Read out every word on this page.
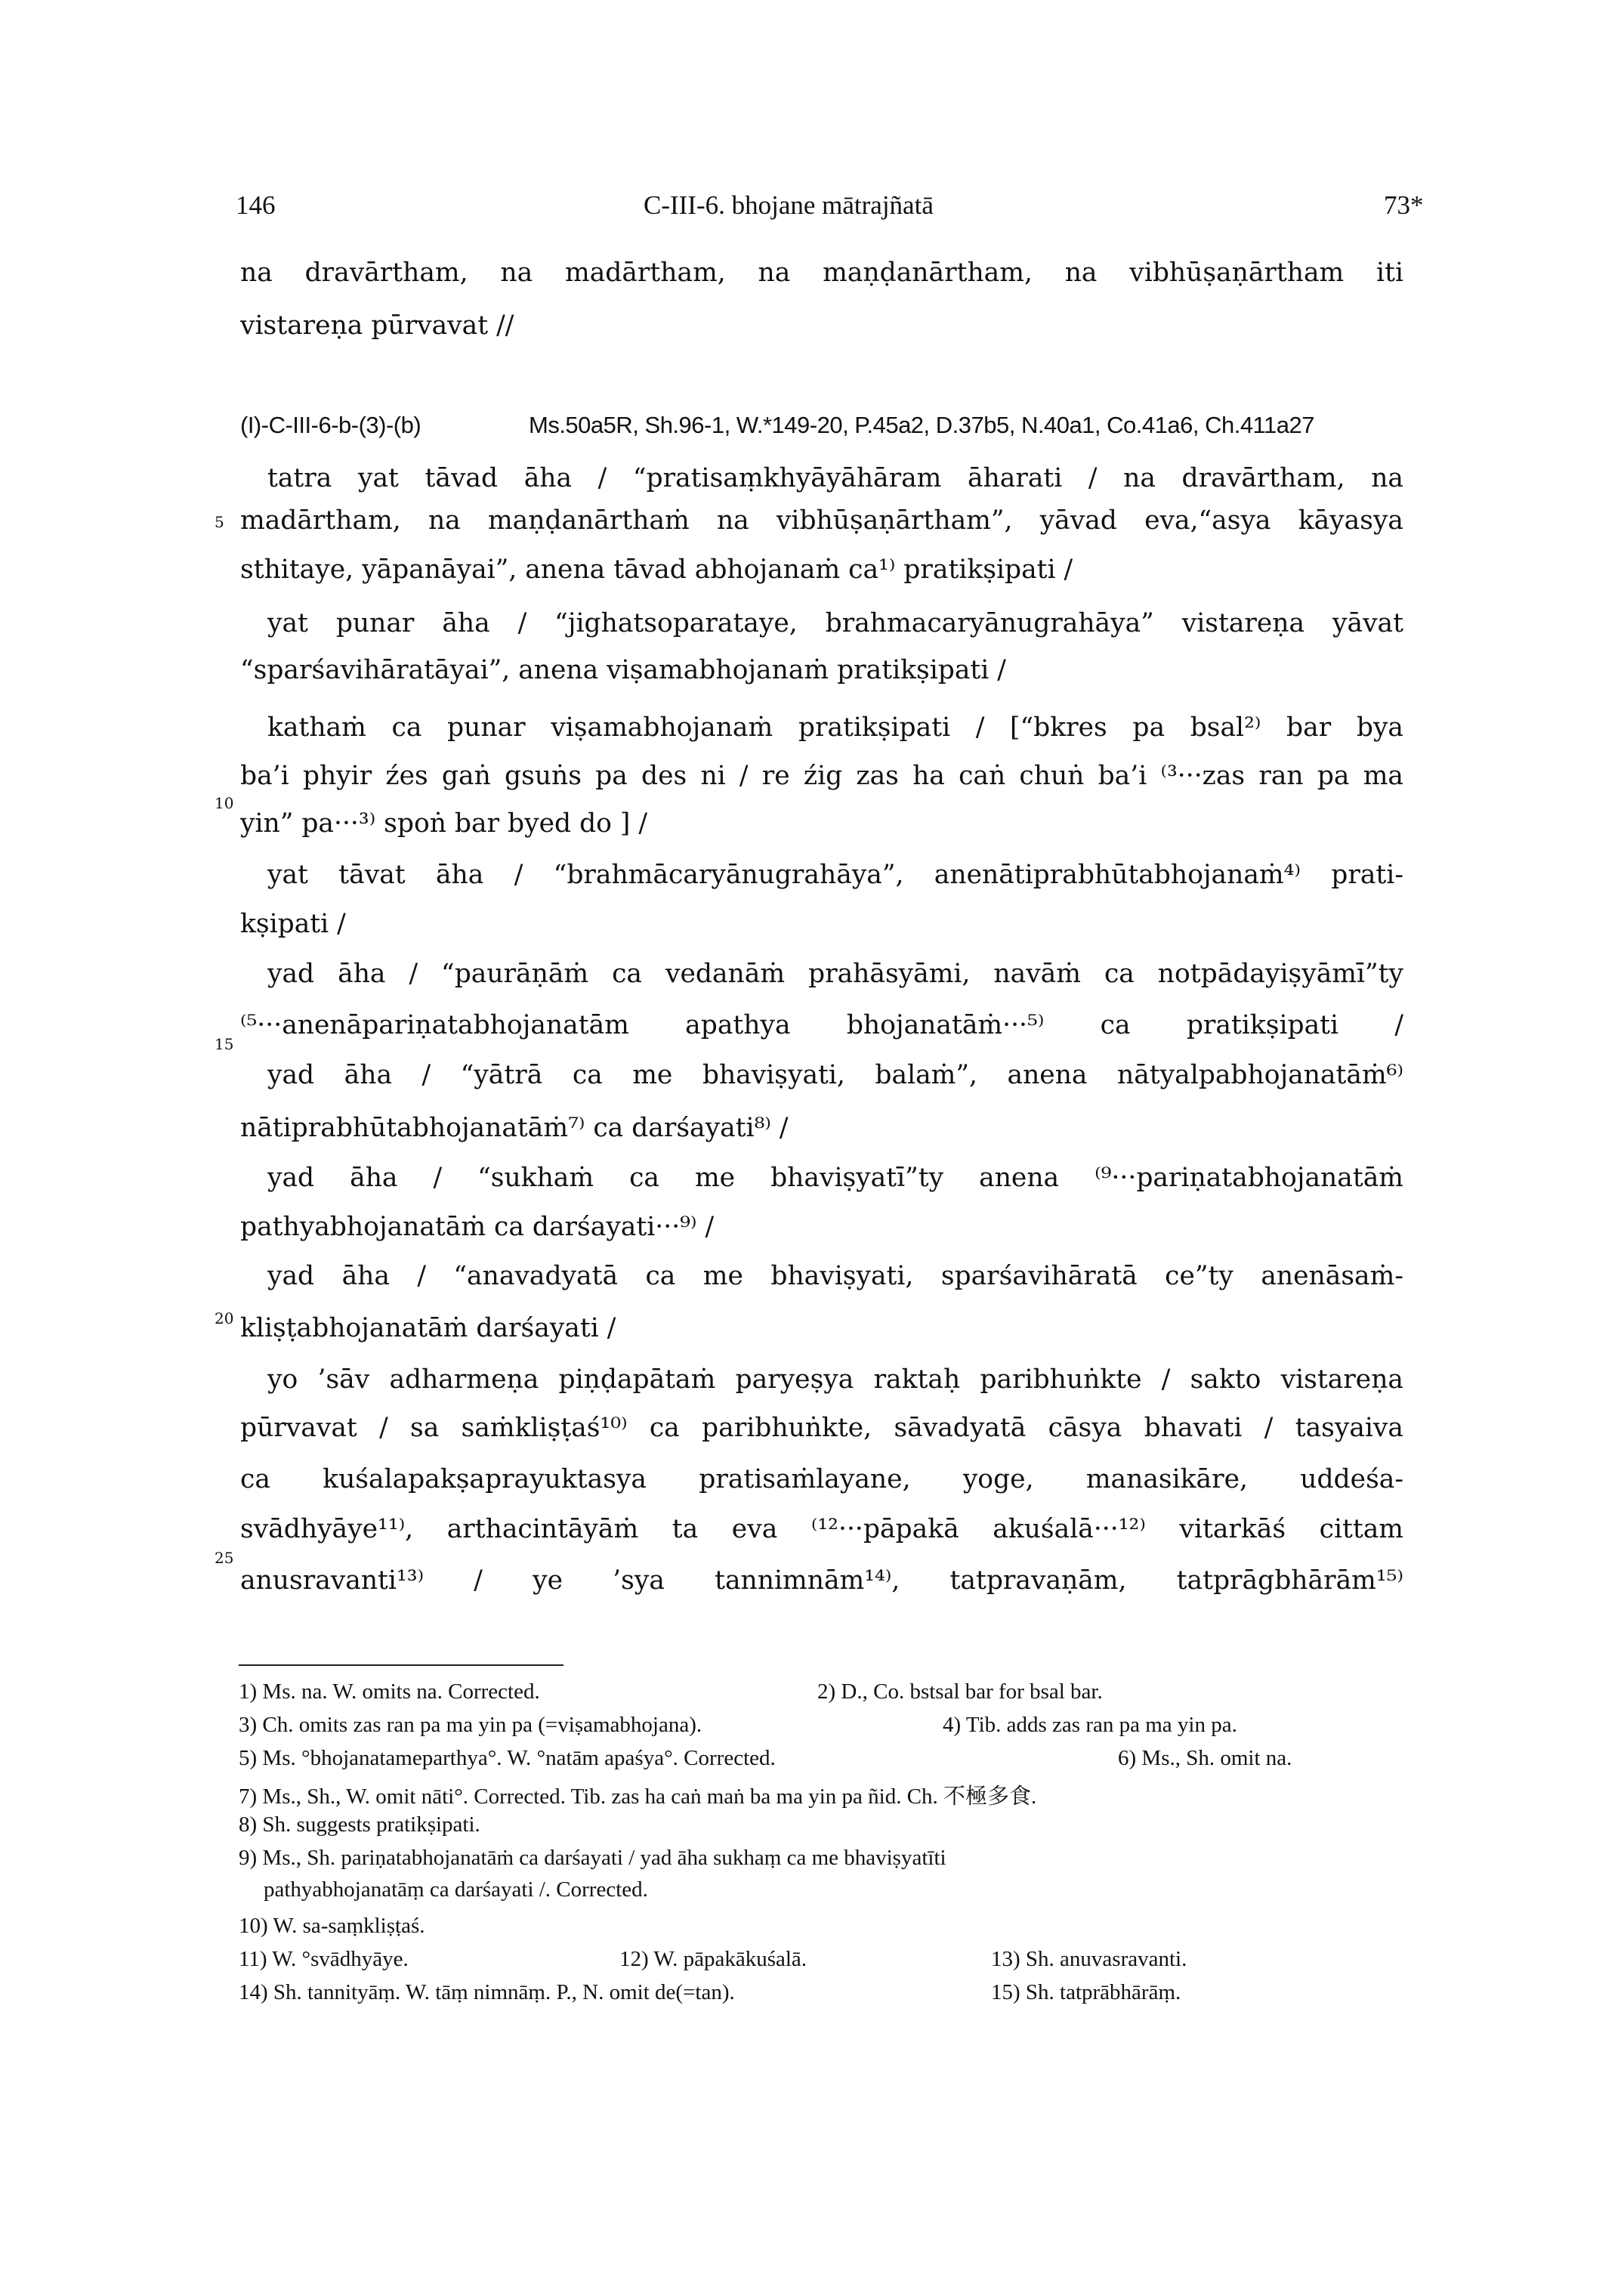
146	C-III-6. bhojane mātrajñatā	73*
na dravārtham, na madārtham, na maṇḍanārtham, na vibhūṣaṇārtham iti
vistareṇa pūrvavat //
(I)-C-III-6-b-(3)-(b)	Ms.50a5R, Sh.96-1, W.*149-20, P.45a2, D.37b5, N.40a1, Co.41a6, Ch.411a27
5
10
15
20
25
tatra yat tāvad āha / “pratisaṃkhyāyāhāram āharati / na dravārtham, na
madārtham, na maṇḍanārthaṁ na vibhūṣaṇārtham”, yāvad eva,“asya kāyasya
sthitaye, yāpanāyai”, anena tāvad abhojanaṁ ca¹⁾ pratikṣipati /
yat punar āha / “jighatsoparataye, brahmacaryānugrahāya” vistareṇa yāvat
“sparśavihāratāyai”, anena viṣamabhojanaṁ pratikṣipati /
kathaṁ ca punar viṣamabhojanaṁ pratikṣipati / [“bkres pa bsal²⁾ bar bya
ba’i phyir źes gaṅ gsuṅs pa des ni / re źig zas ha caṅ chuṅ ba’i ⁽³···zas ran pa ma
yin” pa···³⁾ spoṅ bar byed do ] /
yat tāvat āha / “brahmācaryānugrahāya”, anenātiprabhūtabhojanaṁ⁴⁾ prati-
kṣipati /
yad āha / “paurāṇāṁ ca vedanāṁ prahāsyāmi, navāṁ ca notpādayiṣyāmī”ty
⁽⁵···anenāpariṇatabhojanatām apathya bhojanatāṁ···⁵⁾ ca pratikṣipati /
yad āha / “yātrā ca me bhaviṣyati, balaṁ”, anena nātyalpabhojanatāṁ⁶⁾
nātiprabhūtabhojanatāṁ⁷⁾ ca darśayati⁸⁾ /
yad āha / “sukhaṁ ca me bhaviṣyatī”ty anena ⁽⁹···pariṇatabhojanatāṁ
pathyabhojanatāṁ ca darśayati···⁹⁾ /
yad āha / “anavadyatā ca me bhaviṣyati, sparśavihāratā ce”ty anenāsaṁ-
kliṣṭabhojanatāṁ darśayati /
yo ’sāv adharmeṇa piṇḍapātaṁ paryeṣya raktaḥ paribhuṅkte / sakto vistareṇa
pūrvavat / sa saṁkliṣṭaś¹⁰⁾ ca paribhuṅkte, sāvadyatā cāsya bhavati / tasyaiva
ca kuśalapakṣaprayuktasya pratisaṁlayane, yoge, manasikāre, uddeśa-
svādhyāye¹¹⁾, arthacintāyāṁ ta eva ⁽¹²···pāpakā akuśalā···¹²⁾ vitarkāś cittam
anusravanti¹³⁾ / ye ’sya tannimnām¹⁴⁾, tatpravaṇām, tatprāgbhārām¹⁵⁾
1) Ms. na. W. omits na. Corrected.	2) D., Co. bstsal bar for bsal bar.
3) Ch. omits zas ran pa ma yin pa (=viṣamabhojana).	4) Tib. adds zas ran pa ma yin pa.
5) Ms. °bhojanatameparthya°. W. °natām apaśya°. Corrected.	6) Ms., Sh. omit na.
7) Ms., Sh., W. omit nāti°. Corrected. Tib. zas ha caṅ maṅ ba ma yin pa ñid. Ch. 不極多食.
8) Sh. suggests pratikṣipati.
9) Ms., Sh. pariṇatabhojanatāṁ ca darśayati / yad āha sukhaṃ ca me bhaviṣyatīti
pathyabhojanatāṃ ca darśayati /. Corrected.
10) W. sa-saṃkliṣṭaś.
11) W. °svādhyāye.	12) W. pāpakākuśalā.	13) Sh. anuvasravanti.
14) Sh. tannityāṃ. W. tāṃ nimnāṃ. P., N. omit de(=tan).	15) Sh. tatprābhārāṃ.
